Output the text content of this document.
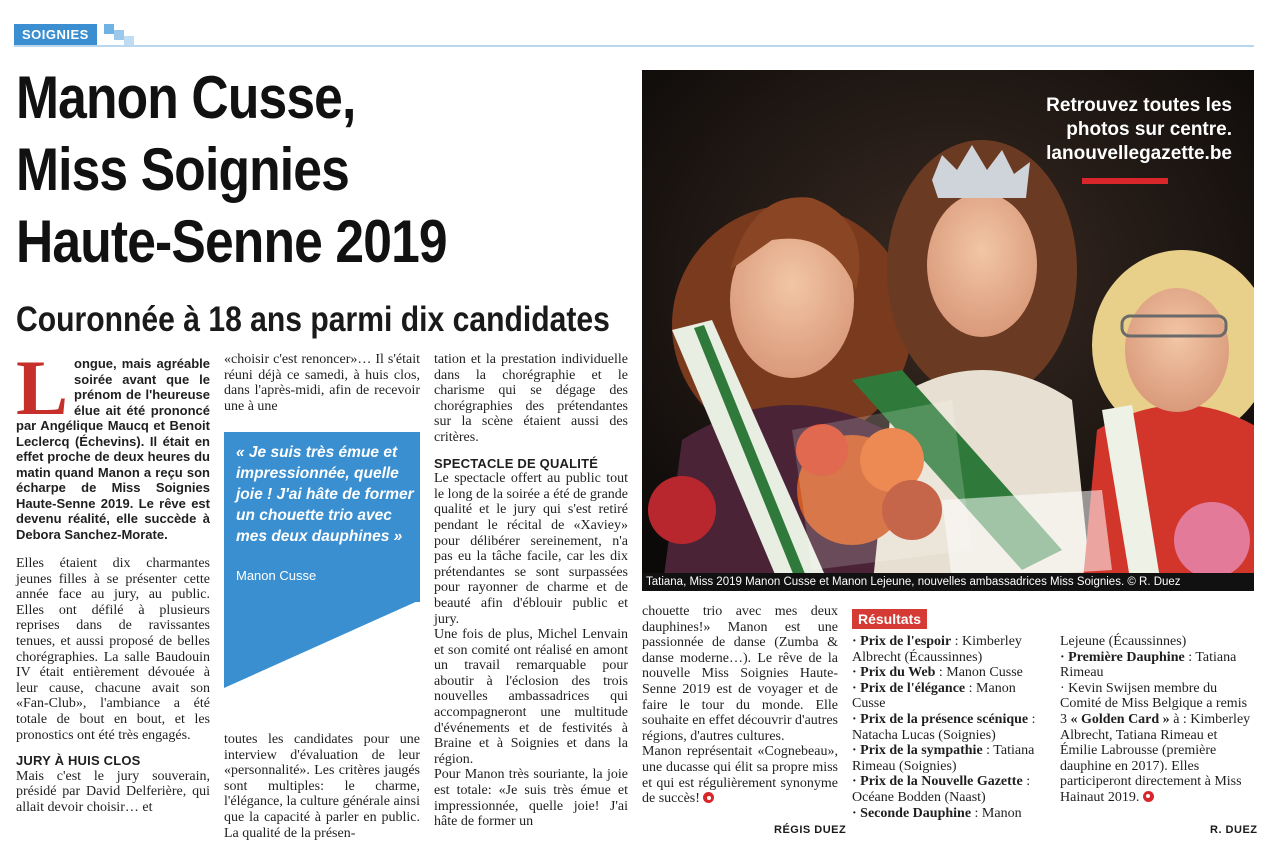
SOIGNIES
Manon Cusse,
Miss Soignies
Haute-Senne 2019
Couronnée à 18 ans parmi dix candidates

Longue, mais agréable soirée avant que le prénom de l'heureuse élue ait été prononcé par Angélique Maucq et Benoit Leclercq (Échevins). Il était en effet proche de deux heures du matin quand Manon a reçu son écharpe de Miss Soignies Haute-Senne 2019. Le rêve est devenu réalité, elle succède à Debora Sanchez-Morate.

Elles étaient dix charmantes jeunes filles à se présenter cette année face au jury, au public. Elles ont défilé à plusieurs reprises dans de ravissantes tenues, et aussi proposé de belles chorégraphies. La salle Baudouin IV était entièrement dévouée à leur cause, chacune avait son «Fan-Club», l'ambiance a été totale de bout en bout, et les pronostics ont été très engagés.

JURY À HUIS CLOS

Mais c'est le jury souverain, présidé par David Delferière, qui allait devoir choisir… et

«choisir c'est renoncer»… Il s'était réuni déjà ce samedi, à huis clos, dans l'après-midi, afin de recevoir une à une

« Je suis très émue et impressionnée, quelle joie ! J'ai hâte de former un chouette trio avec mes deux dauphines »
Manon Cusse

toutes les candidates pour une interview d'évaluation de leur «personnalité». Les critères jaugés sont multiples: le charme, l'élégance, la culture générale ainsi que la capacité à parler en public. La qualité de la présen-

tation et la prestation individuelle dans la chorégraphie et le charisme qui se dégage des chorégraphies des prétendantes sur la scène étaient aussi des critères.

SPECTACLE DE QUALITÉ

Le spectacle offert au public tout le long de la soirée a été de grande qualité et le jury qui s'est retiré pendant le récital de «Xaviey» pour délibérer sereinement, n'a pas eu la tâche facile, car les dix prétendantes se sont surpassées pour rayonner de charme et de beauté afin d'éblouir public et jury.

Une fois de plus, Michel Lenvain et son comité ont réalisé en amont un travail remarquable pour aboutir à l'éclosion des trois nouvelles ambassadrices qui accompagneront une multitude d'événements et de festivités à Braine et à Soignies et dans la région.

Pour Manon très souriante, la joie est totale: «Je suis très émue et impressionnée, quelle joie! J'ai hâte de former un

Retrouvez toutes les
photos sur centre.
lanouvellegazette.be
Tatiana, Miss 2019 Manon Cusse et Manon Lejeune, nouvelles ambassadrices Miss Soignies. © R. Duez

chouette trio avec mes deux dauphines!» Manon est une passionnée de danse (Zumba & danse moderne…). Le rêve de la nouvelle Miss Soignies Haute-Senne 2019 est de voyager et de faire le tour du monde. Elle souhaite en effet découvrir d'autres régions, d'autres cultures.

Manon représentait «Cognebeau», une ducasse qui élit sa propre miss et qui est régulièrement synonyme de succès!

RÉGIS DUEZ
Résultats

· Prix de l'espoir : Kimberley Albrecht (Écaussinnes)

· Prix du Web : Manon Cusse

· Prix de l'élégance : Manon Cusse

· Prix de la présence scénique : Natacha Lucas (Soignies)

· Prix de la sympathie : Tatiana Rimeau (Soignies)

· Prix de la Nouvelle Gazette : Océane Bodden (Naast)

· Seconde Dauphine : Manon

Lejeune (Écaussinnes)

· Première Dauphine : Tatiana Rimeau

· Kevin Swijsen membre du Comité de Miss Belgique a remis 3 « Golden Card » à : Kimberley Albrecht, Tatiana Rimeau et Émilie Labrousse (première dauphine en 2017). Elles participeront directement à Miss Hainaut 2019.

R. DUEZ
